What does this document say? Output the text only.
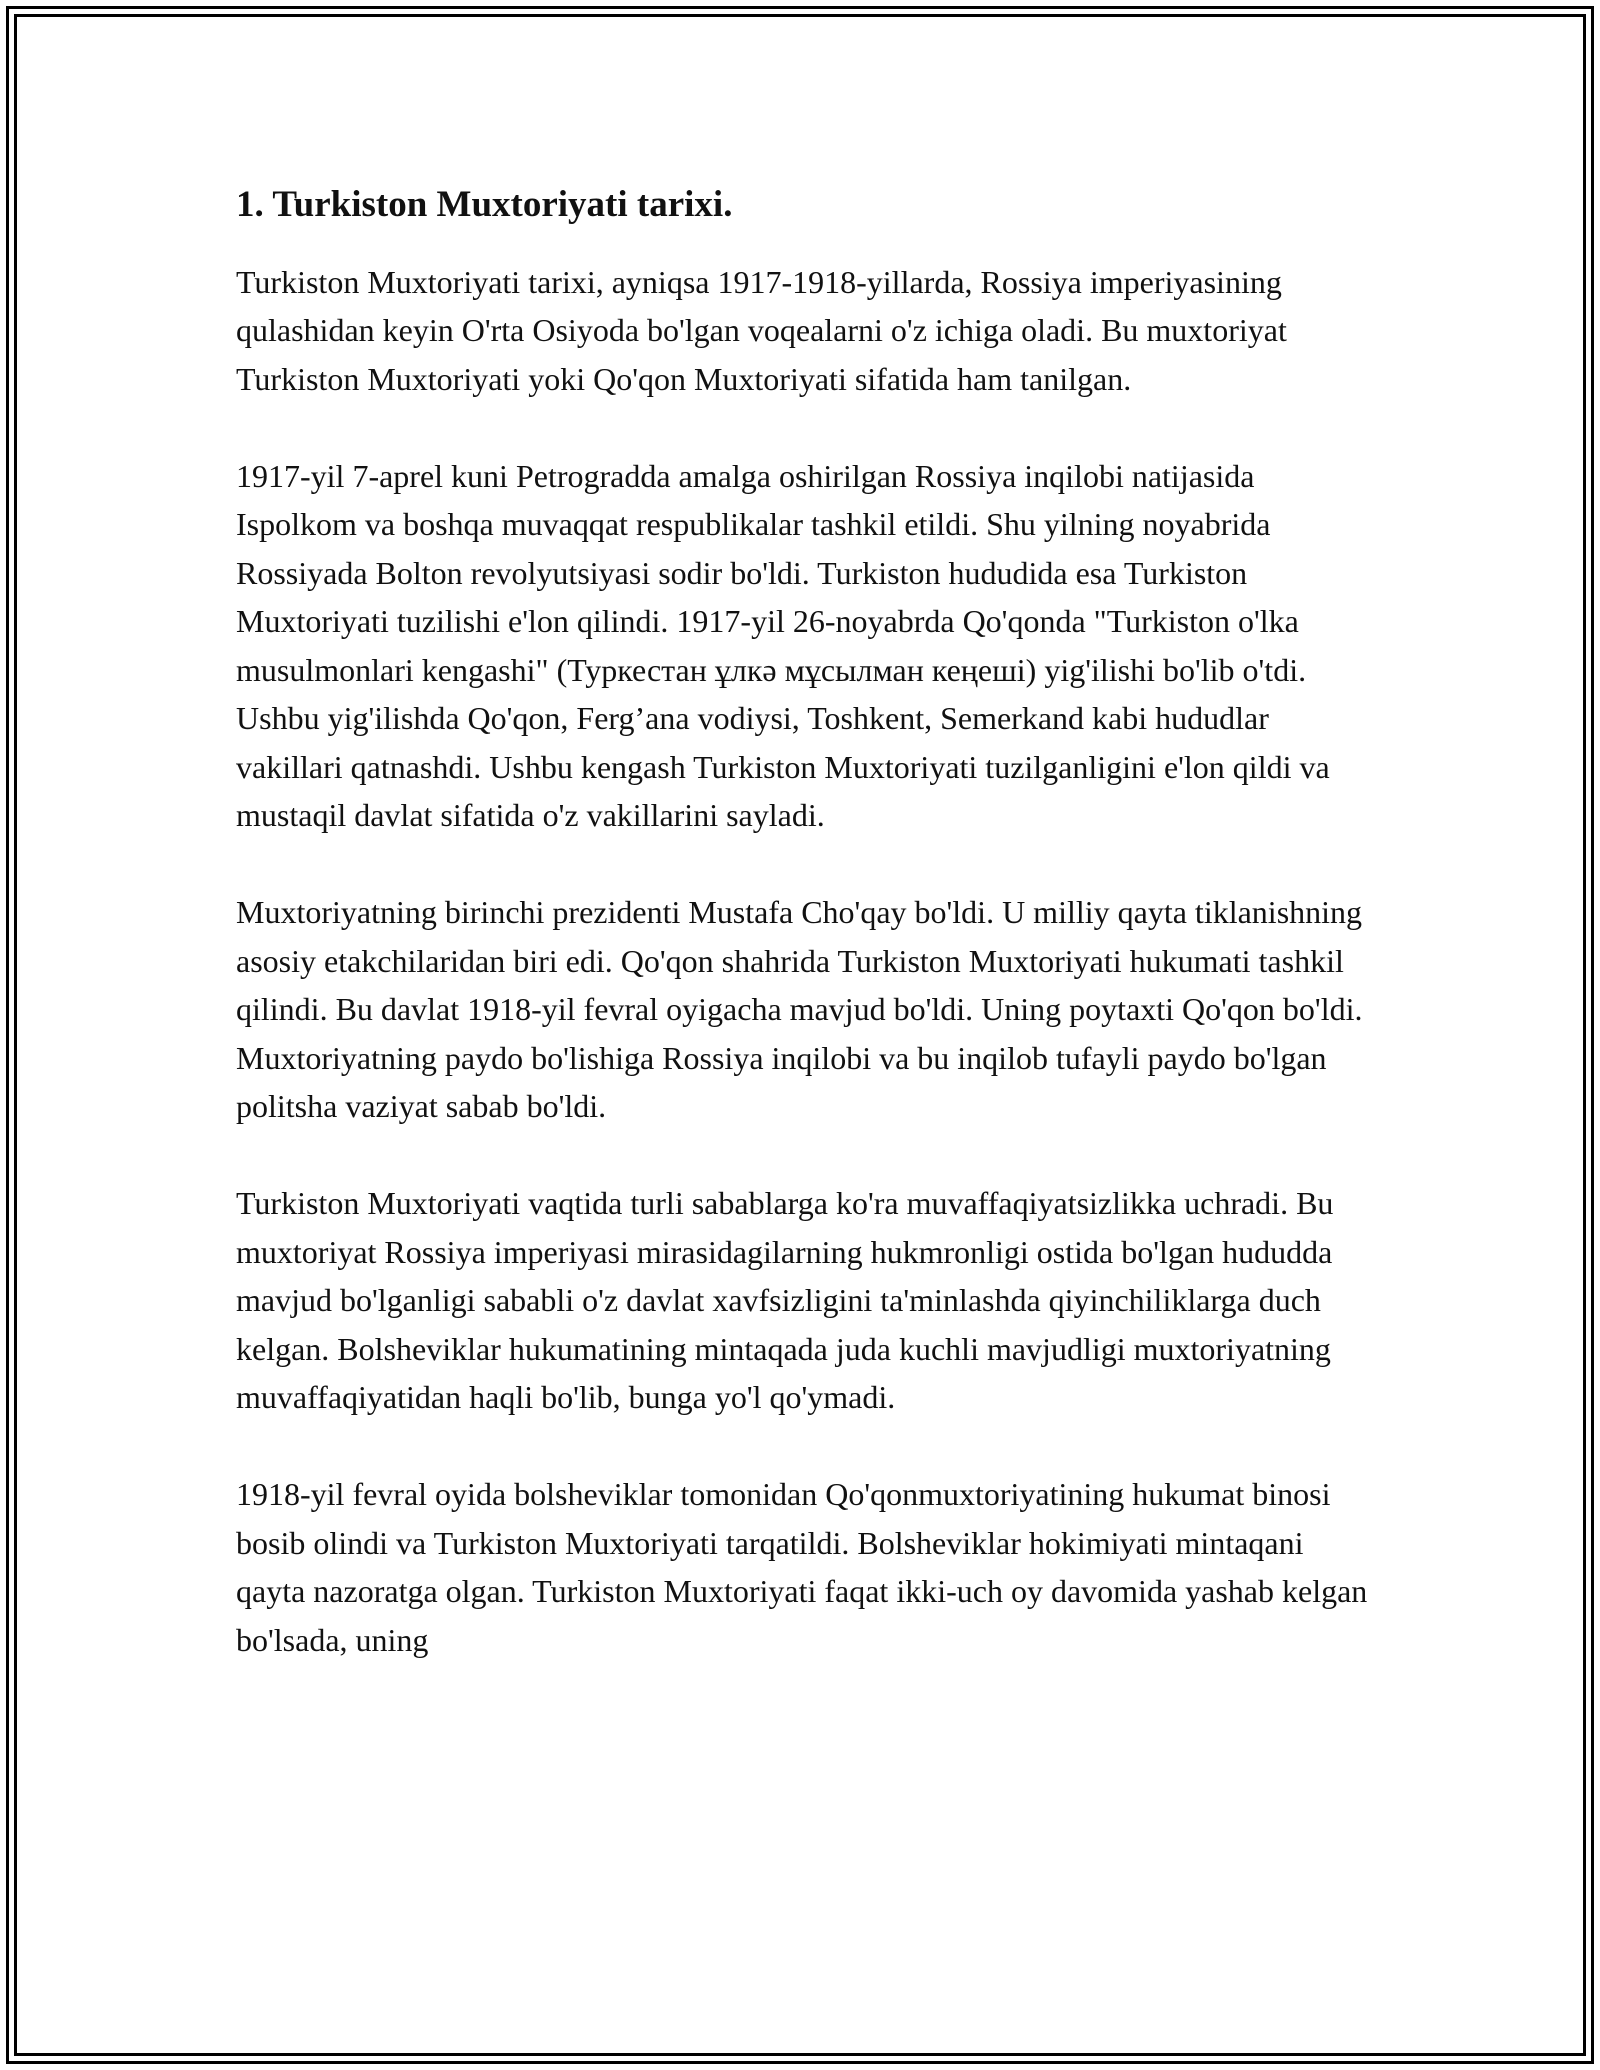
1. Turkiston Muxtoriyati tarixi.

Turkiston Muxtoriyati tarixi, ayniqsa 1917-1918-yillarda, Rossiya imperiyasining qulashidan keyin O'rta Osiyoda bo'lgan voqealarni o'z ichiga oladi. Bu muxtoriyat Turkiston Muxtoriyati yoki Qo'qon Muxtoriyati sifatida ham tanilgan.

1917-yil 7-aprel kuni Petrogradda amalga oshirilgan Rossiya inqilobi natijasida Ispolkom va boshqa muvaqqat respublikalar tashkil etildi. Shu yilning noyabrida Rossiyada Bolton revolyutsiyasi sodir bo'ldi. Turkiston hududida esa Turkiston Muxtoriyati tuzilishi e'lon qilindi. 1917-yil 26-noyabrda Qo'qonda "Turkiston o'lka musulmonlari kengashi" (Туркестан ұлкə мұсылман кеңеші) yig'ilishi bo'lib o'tdi. Ushbu yig'ilishda Qo'qon, Ferg’ana vodiysi, Toshkent, Semerkand kabi hududlar vakillari qatnashdi. Ushbu kengash Turkiston Muxtoriyati tuzilganligini e'lon qildi va mustaqil davlat sifatida o'z vakillarini sayladi.

Muxtoriyatning birinchi prezidenti Mustafa Cho'qay bo'ldi. U milliy qayta tiklanishning asosiy etakchilaridan biri edi. Qo'qon shahrida Turkiston Muxtoriyati hukumati tashkil qilindi. Bu davlat 1918-yil fevral oyigacha mavjud bo'ldi. Uning poytaxti Qo'qon bo'ldi. Muxtoriyatning paydo bo'lishiga Rossiya inqilobi va bu inqilob tufayli paydo bo'lgan politsha vaziyat sabab bo'ldi.

Turkiston Muxtoriyati vaqtida turli sabablarga ko'ra muvaffaqiyatsizlikka uchradi. Bu muxtoriyat Rossiya imperiyasi mirasidagilarning hukmronligi ostida bo'lgan hududda mavjud bo'lganligi sababli o'z davlat xavfsizligini ta'minlashda qiyinchiliklarga duch kelgan. Bolsheviklar hukumatining mintaqada juda kuchli mavjudligi muxtoriyatning muvaffaqiyatidan haqli bo'lib, bunga yo'l qo'ymadi.

1918-yil fevral oyida bolsheviklar tomonidan Qo'qonmuxtoriyatining hukumat binosi bosib olindi va Turkiston Muxtoriyati tarqatildi. Bolsheviklar hokimiyati mintaqani qayta nazoratga olgan. Turkiston Muxtoriyati faqat ikki-uch oy davomida yashab kelgan bo'lsada, uning
